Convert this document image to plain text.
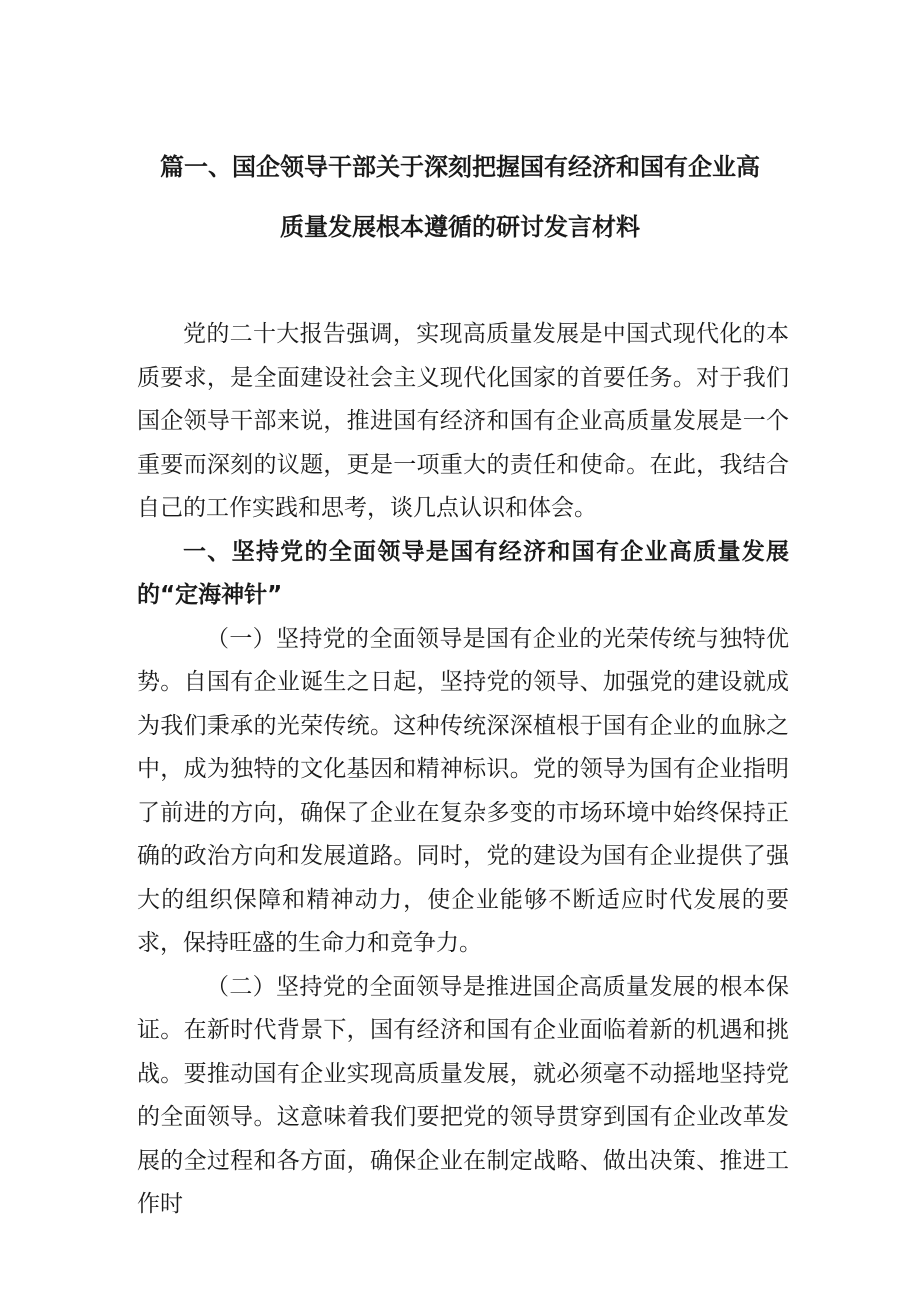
篇一、国企领导干部关于深刻把握国有经济和国有企业高
质量发展根本遵循的研讨发言材料

党的二十大报告强调，实现高质量发展是中国式现代化的本质要求，是全面建设社会主义现代化国家的首要任务。对于我们国企领导干部来说，推进国有经济和国有企业高质量发展是一个重要而深刻的议题，更是一项重大的责任和使命。在此，我结合自己的工作实践和思考，谈几点认识和体会。

一、坚持党的全面领导是国有经济和国有企业高质量发展的“定海神针”

（一）坚持党的全面领导是国有企业的光荣传统与独特优势。自国有企业诞生之日起，坚持党的领导、加强党的建设就成为我们秉承的光荣传统。这种传统深深植根于国有企业的血脉之中，成为独特的文化基因和精神标识。党的领导为国有企业指明了前进的方向，确保了企业在复杂多变的市场环境中始终保持正确的政治方向和发展道路。同时，党的建设为国有企业提供了强大的组织保障和精神动力，使企业能够不断适应时代发展的要求，保持旺盛的生命力和竞争力。

（二）坚持党的全面领导是推进国企高质量发展的根本保证。在新时代背景下，国有经济和国有企业面临着新的机遇和挑战。要推动国有企业实现高质量发展，就必须毫不动摇地坚持党的全面领导。这意味着我们要把党的领导贯穿到国有企业改革发展的全过程和各方面，确保企业在制定战略、做出决策、推进工作时
